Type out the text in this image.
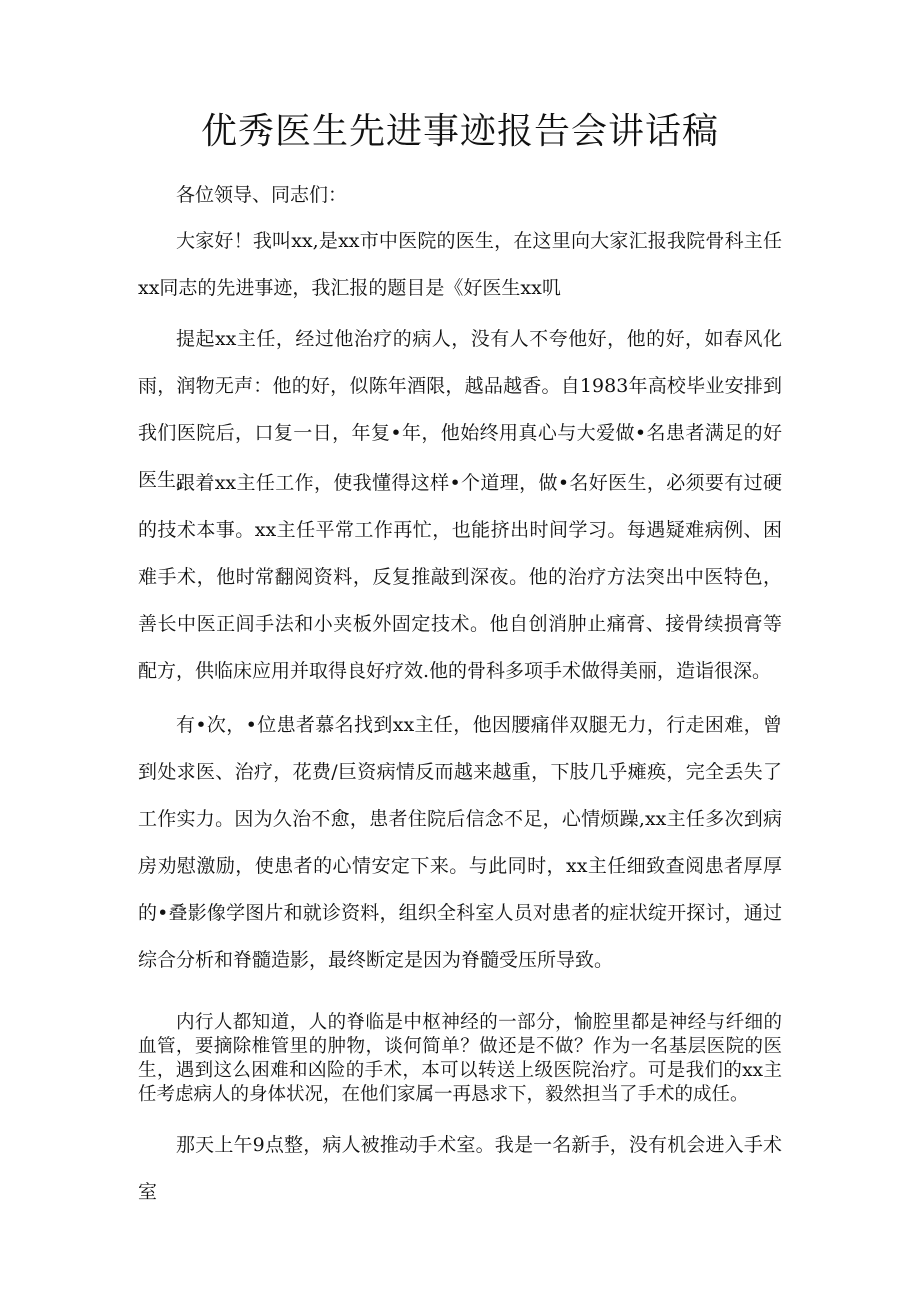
优秀医生先进事迹报告会讲话稿

各位领导、同志们：

大家好！我叫xx,是xx市中医院的医生，在这里向大家汇报我院骨科主任xx同志的先进事迹，我汇报的题目是《好医生xx叽

提起xx主任，经过他治疗的病人，没有人不夸他好，他的好，如春风化雨，润物无声：他的好，似陈年酒限，越品越香。自1983年高校毕业安排到我们医院后，口复一日，年复•年，他始终用真心与大爱做•名患者满足的好医生。

跟着xx主任工作，使我懂得这样•个道理，做•名好医生，必须要有过硬的技术本事。xx主任平常工作再忙，也能挤出时间学习。每遇疑难病例、困难手术，他时常翻阅资料，反复推敲到深夜。他的治疗方法突出中医特色，善长中医正闾手法和小夹板外固定技术。他自创消肿止痛膏、接骨续损膏等配方，供临床应用并取得良好疗效.他的骨科多项手术做得美丽，造诣很深。

有•次，•位患者慕名找到xx主任，他因腰痛伴双腿无力，行走困难，曾到处求医、治疗，花费/巨资病情反而越来越重，下肢几乎瘫痪，完全丢失了工作实力。因为久治不愈，患者住院后信念不足，心情烦躁,xx主任多次到病房劝慰激励，使患者的心情安定下来。与此同时，xx主任细致查阅患者厚厚的•叠影像学图片和就诊资料，组织全科室人员对患者的症状绽开探讨，通过综合分析和脊髓造影，最终断定是因为脊髓受压所导致。

内行人都知道，人的脊临是中枢神经的一部分，愉腔里都是神经与纤细的血管，要摘除椎管里的肿物，谈何简单？做还是不做？作为一名基层医院的医生，遇到这么困难和凶险的手术，本可以转送上级医院治疗。可是我们的xx主任考虑病人的身体状况，在他们家属一再恳求下，毅然担当了手术的成任。

那天上午9点整，病人被推动手术室。我是一名新手，没有机会进入手术室
